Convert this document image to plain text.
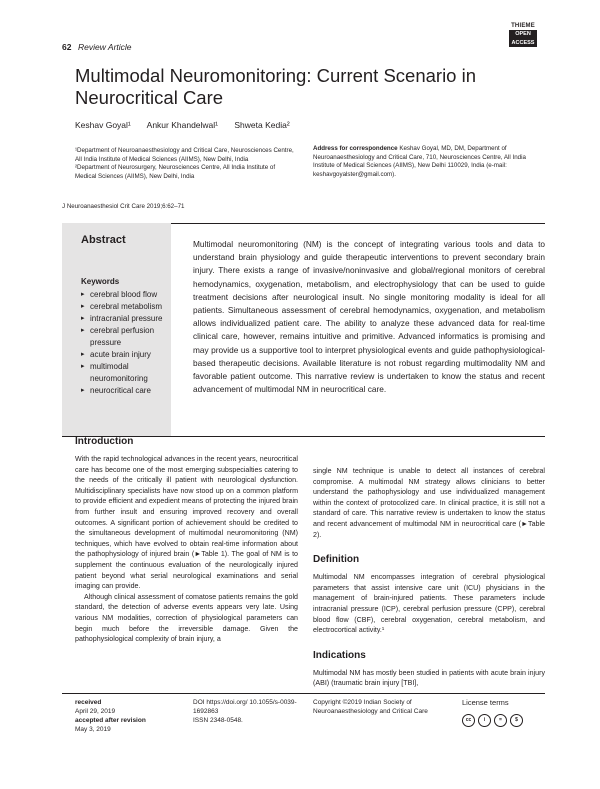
62 Review Article
THIEME
OPEN
ACCESS
Multimodal Neuromonitoring: Current Scenario in
Neurocritical Care
Keshav Goyal¹ Ankur Khandelwal¹ Shweta Kedia²

¹Department of Neuroanaesthesiology and Critical Care, Neurosciences Centre, All India Institute of Medical Sciences (AIIMS), New Delhi, India

²Department of Neurosurgery, Neurosciences Centre, All India Institute of Medical Sciences (AIIMS), New Delhi, India

Address for correspondence Keshav Goyal, MD, DM, Department of Neuroanaesthesiology and Critical Care, 710, Neurosciences Centre, All India Institute of Medical Sciences (AIIMS), New Delhi 110029, India (e-mail: keshavgoyalster@gmail.com).
J Neuroanaesthesiol Crit Care 2019;6:62–71
Abstract
Keywords
▸ cerebral blood flow
▸ cerebral metabolism
▸ intracranial pressure
▸ cerebral perfusion pressure
▸ acute brain injury
▸ multimodal neuromonitoring
▸ neurocritical care
Multimodal neuromonitoring (NM) is the concept of integrating various tools and data to understand brain physiology and guide therapeutic interventions to prevent secondary brain injury. There exists a range of invasive/noninvasive and global/regional monitors of cerebral hemodynamics, oxygenation, metabolism, and electrophysiology that can be used to guide treatment decisions after neurological insult. No single monitoring modality is ideal for all patients. Simultaneous assessment of cerebral hemodynamics, oxygenation, and metabolism allows individualized patient care. The ability to analyze these advanced data for real-time clinical care, however, remains intuitive and primitive. Advanced informatics is promising and may provide us a supportive tool to interpret physiological events and guide pathophysiological-based therapeutic decisions. Available literature is not robust regarding multimodality NM and favorable patient outcome. This narrative review is undertaken to know the status and recent advancement of multimodal NM in neurocritical care.
Introduction

With the rapid technological advances in the recent years, neurocritical care has become one of the most emerging subspecialties catering to the needs of the critically ill patient with neurological dysfunction. Multidisciplinary specialists have now stood up on a common platform to provide efficient and expedient means of protecting the injured brain from further insult and ensuring improved recovery and overall outcomes. A significant portion of achievement should be credited to the simultaneous development of multimodal neuromonitoring (NM) techniques, which have evolved to obtain real-time information about the pathophysiology of injured brain (►Table 1). The goal of NM is to supplement the continuous evaluation of the neurologically injured patient beyond what serial neurological examinations and serial imaging can provide.

Although clinical assessment of comatose patients remains the gold standard, the detection of adverse events appears very late. Using various NM modalities, correction of physiological parameters can begin much before the irreversible damage. Given the pathophysiological complexity of brain injury, a

single NM technique is unable to detect all instances of cerebral compromise. A multimodal NM strategy allows clinicians to better understand the pathophysiology and use individualized management within the context of protocolized care. In clinical practice, it is still not a standard of care. This narrative review is undertaken to know the status and recent advancement of multimodal NM in neurocritical care (►Table 2).

Definition

Multimodal NM encompasses integration of cerebral physiological parameters that assist intensive care unit (ICU) physicians in the management of brain-injured patients. These parameters include intracranial pressure (ICP), cerebral perfusion pressure (CPP), cerebral blood flow (CBF), cerebral oxygenation, cerebral metabolism, and electrocortical activity.¹

Indications

Multimodal NM has mostly been studied in patients with acute brain injury (ABI) (traumatic brain injury [TBI],

received
April 29, 2019
accepted after revision
May 3, 2019
DOI https://doi.org/ 10.1055/s-0039-1692863
ISSN 2348-0548.
Copyright ©2019 Indian Society of Neuroanaesthesiology and Critical Care
License terms
cc	i	=	$
